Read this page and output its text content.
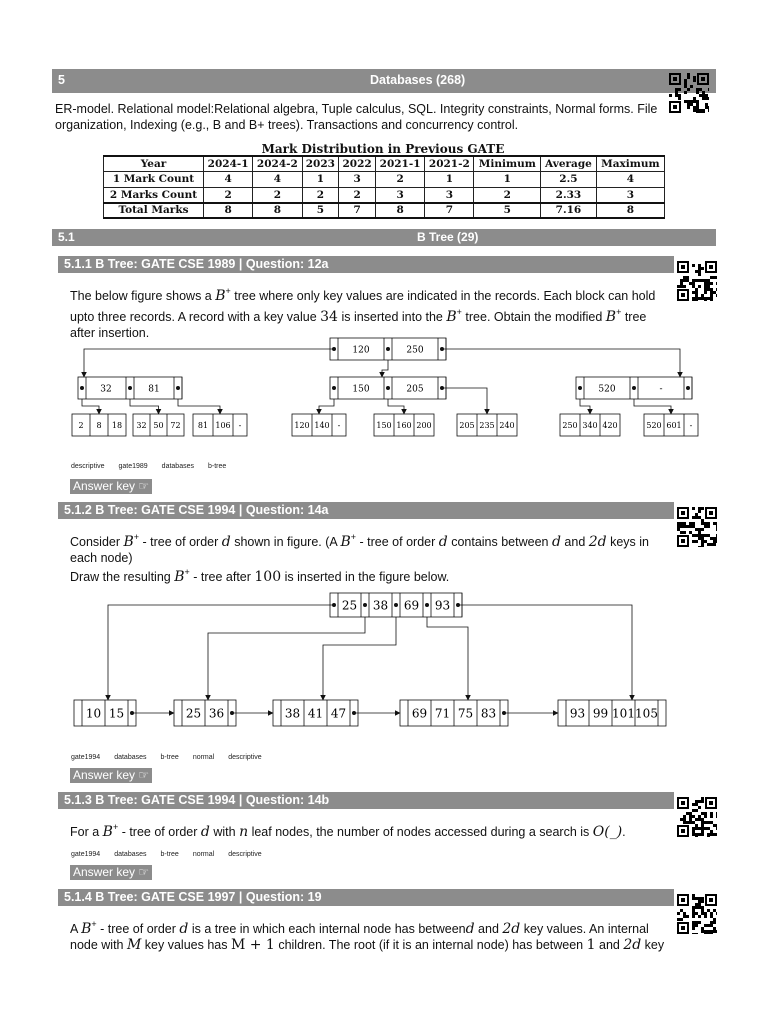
5	Databases (268)

ER-model. Relational model:Relational algebra, Tuple calculus, SQL. Integrity constraints, Normal forms. File organization, Indexing (e.g., B and B+ trees). Transactions and concurrency control.

Mark Distribution in Previous GATE
Year	2024-1	2024-2	2023	2022	2021-1	2021-2	Minimum	Average	Maximum
1 Mark Count	4	4	1	3	2	1	1	2.5	4
2 Marks Count	2	2	2	2	3	3	2	2.33	3
Total Marks	8	8	5	7	8	7	5	7.16	8
5.1	B Tree (29)
5.1.1 B Tree: GATE CSE 1989 | Question: 12a

The below figure shows a B+ tree where only key values are indicated in the records. Each block can hold upto three records. A record with a key value 34 is inserted into the B+ tree. Obtain the modified B+ tree after insertion.

120	250
32	81	150	205	520	-
2 8 18 32 50 72 81 106 -	120 140 -	150 160 200	205 235 240	250 340 420	520 601 -
descriptive gate1989 databases b-tree
Answer key ☞
5.1.2 B Tree: GATE CSE 1994 | Question: 14a

Consider B+ - tree of order d shown in figure. (A B+ - tree of order d contains between d and 2d keys in each node)

Draw the resulting B+ - tree after 100 is inserted in the figure below.

25 38 69 93
10 15	25 36	38 41 47	69 71 75 83	93 99 101 105
gate1994 databases b-tree normal descriptive
Answer key ☞
5.1.3 B Tree: GATE CSE 1994 | Question: 14b

For a B+ - tree of order d with n leaf nodes, the number of nodes accessed during a search is O(_).

gate1994 databases b-tree normal descriptive
Answer key ☞
5.1.4 B Tree: GATE CSE 1997 | Question: 19

A B+ - tree of order d is a tree in which each internal node has betweend and 2d key values. An internal node with M key values has M + 1 children. The root (if it is an internal node) has between 1 and 2d key
